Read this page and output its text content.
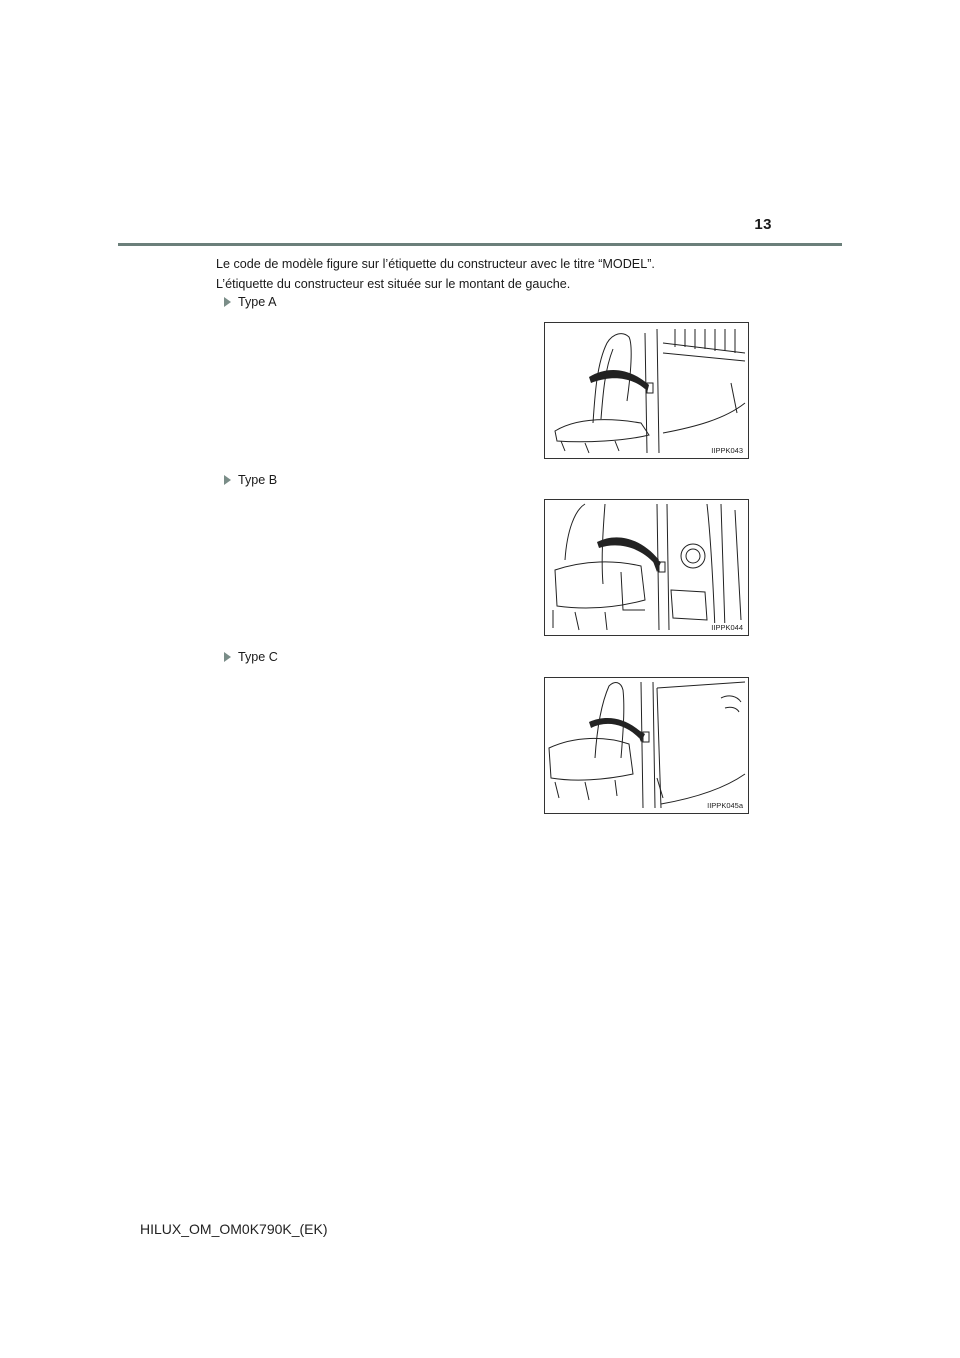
13

Le code de modèle figure sur l’étiquette du constructeur avec le titre “MODEL”.

L’étiquette du constructeur est située sur le montant de gauche.

Type A
IIPPK043
Type B
IIPPK044
Type C
IIPPK045a
HILUX_OM_OM0K790K_(EK)
